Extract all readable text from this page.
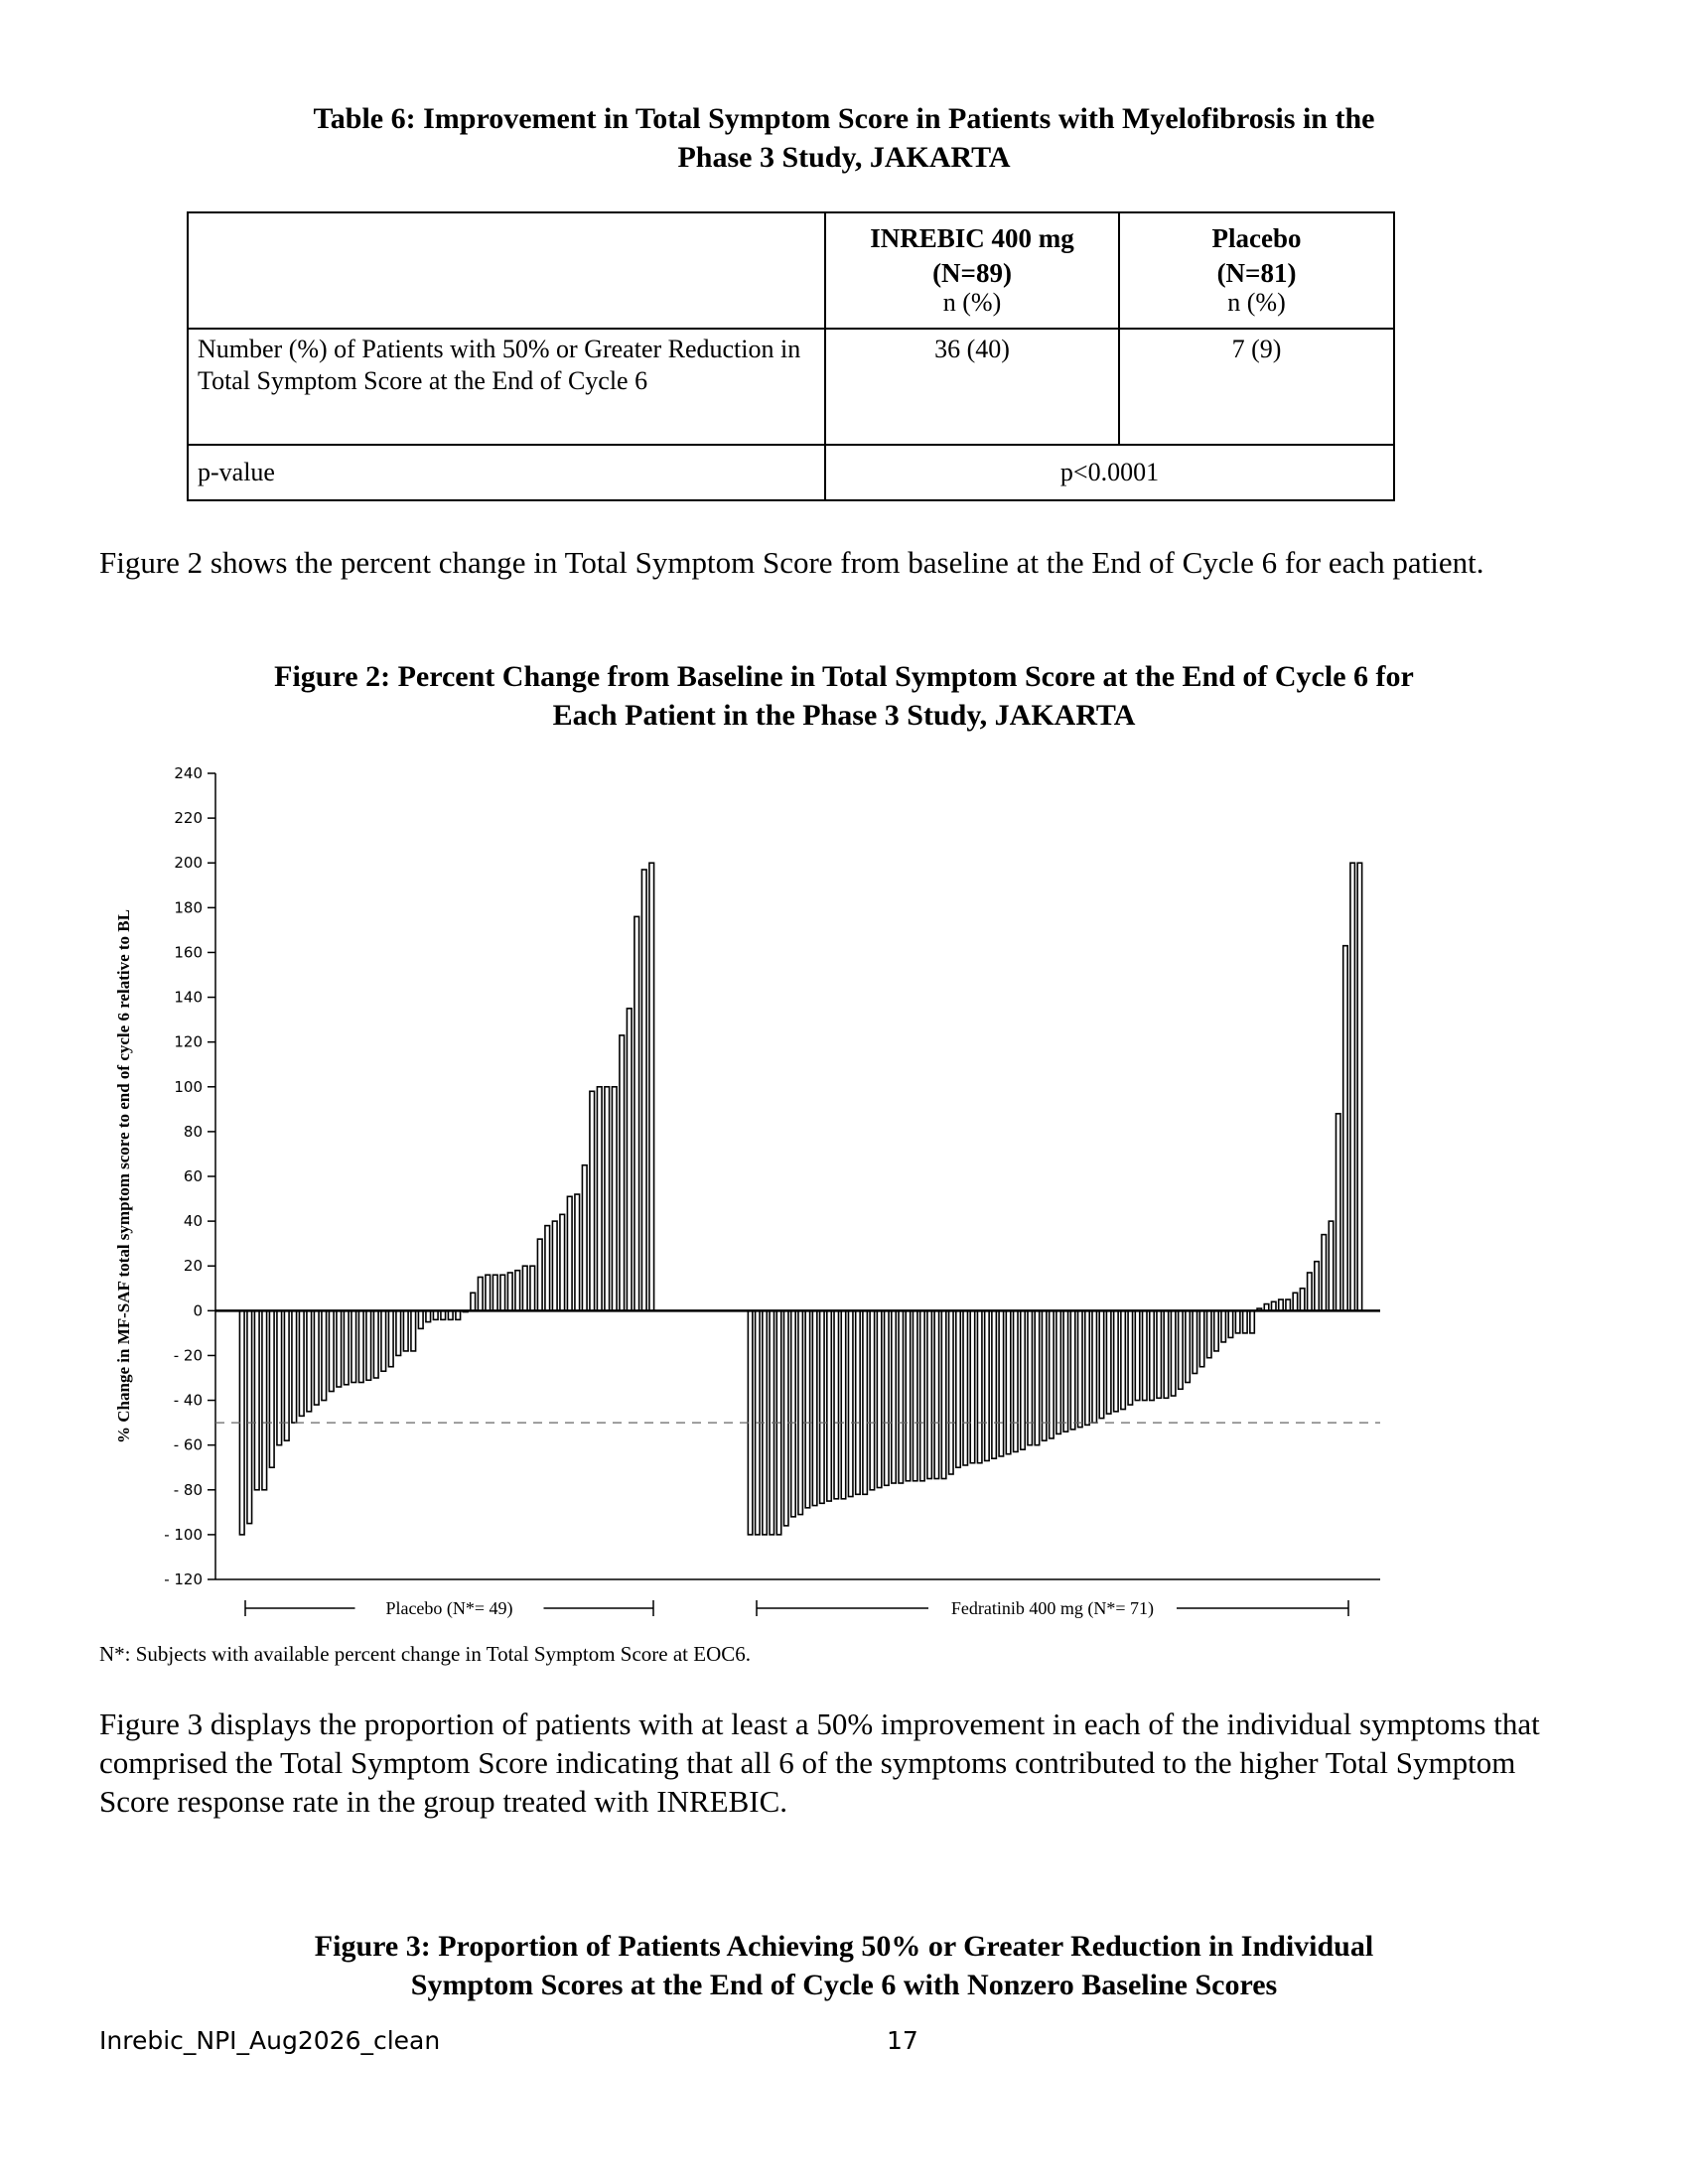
Table 6: Improvement in Total Symptom Score in Patients with Myelofibrosis in the
Phase 3 Study, JAKARTA

	INREBIC 400 mg
(N=89)
n (%)	Placebo
(N=81)
n (%)
Number (%) of Patients with 50% or Greater Reduction in Total Symptom Score at the End of Cycle 6	36 (40)	7 (9)
p-value	p<0.0001	
Figure 2 shows the percent change in Total Symptom Score from baseline at the End of Cycle 6 for each patient.
Figure 2: Percent Change from Baseline in Total Symptom Score at the End of Cycle 6 for
Each Patient in the Phase 3 Study, JAKARTA
240
220
200
180
160
140
120
100
80
60
40
20
0
- 20
- 40
- 60
- 80
- 100
- 120
% Change in MF-SAF total symptom score to end of cycle 6 relative to BL
Placebo (N*= 49)	Fedratinib 400 mg (N*= 71)
N*: Subjects with available percent change in Total Symptom Score at EOC6.
Figure 3 displays the proportion of patients with at least a 50% improvement in each of the individual symptoms that comprised the Total Symptom Score indicating that all 6 of the symptoms contributed to the higher Total Symptom Score response rate in the group treated with INREBIC.
Figure 3: Proportion of Patients Achieving 50% or Greater Reduction in Individual
Symptom Scores at the End of Cycle 6 with Nonzero Baseline Scores
Inrebic_NPI_Aug2026_clean	17
